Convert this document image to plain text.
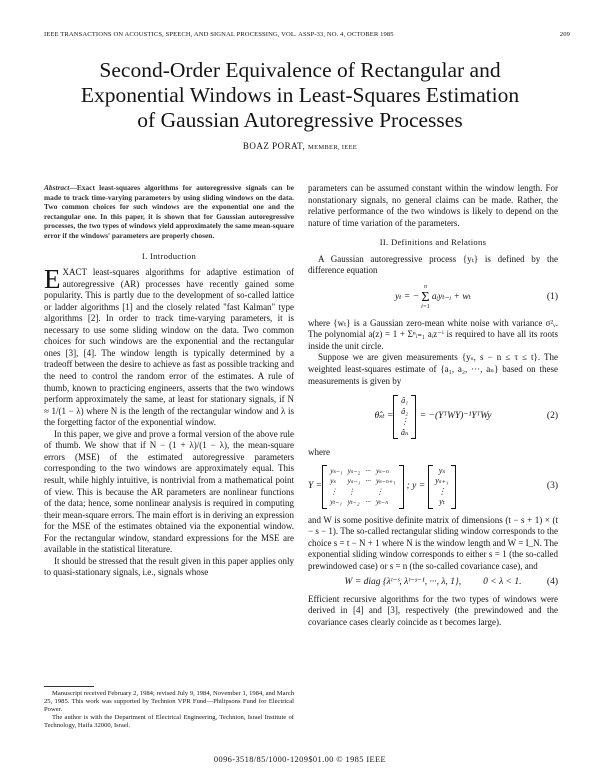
IEEE TRANSACTIONS ON ACOUSTICS, SPEECH, AND SIGNAL PROCESSING, VOL. ASSP-33, NO. 4, OCTOBER 1985	209
Second-Order Equivalence of Rectangular and
Exponential Windows in Least-Squares Estimation
of Gaussian Autoregressive Processes
BOAZ PORAT, MEMBER, IEEE

Abstract—Exact least-squares algorithms for autoregressive signals can be made to track time-varying parameters by using sliding windows on the data. Two common choices for such windows are the exponential one and the rectangular one. In this paper, it is shown that for Gaussian autoregressive processes, the two types of windows yield approximately the same mean-square error if the windows' parameters are properly chosen.

I. Introduction

EXACT least-squares algorithms for adaptive estimation of autoregressive (AR) processes have recently gained some popularity. This is partly due to the development of so-called lattice or ladder algorithms [1] and the closely related "fast Kalman" type algorithms [2]. In order to track time-varying parameters, it is necessary to use some sliding window on the data. Two common choices for such windows are the exponential and the rectangular ones [3], [4]. The window length is typically determined by a tradeoff between the desire to achieve as fast as possible tracking and the need to control the random error of the estimates. A rule of thumb, known to practicing engineers, asserts that the two windows perform approximately the same, at least for stationary signals, if N ≈ 1/(1 − λ) where N is the length of the rectangular window and λ is the forgetting factor of the exponential window.

In this paper, we give and prove a formal version of the above rule of thumb. We show that if N − (1 + λ)/(1 − λ), the mean-square errors (MSE) of the estimated autoregressive parameters corresponding to the two windows are approximately equal. This result, while highly intuitive, is nontrivial from a mathematical point of view. This is because the AR parameters are nonlinear functions of the data; hence, some nonlinear analysis is required in computing their mean-square errors. The main effort is in deriving an expression for the MSE of the estimates obtained via the exponential window. For the rectangular window, standard expressions for the MSE are available in the statistical literature.

It should be stressed that the result given in this paper applies only to quasi-stationary signals, i.e., signals whose

parameters can be assumed constant within the window length. For nonstationary signals, no general claims can be made. Rather, the relative performance of the two windows is likely to depend on the nature of time variation of the parameters.

II. Definitions and Relations

A Gaussian autoregressive process {yₜ} is defined by the difference equation

yₜ = −
n
Σ
i=1
aᵢyₜ₋ᵢ + wₜ	(1)

where {wₜ} is a Gaussian zero-mean white noise with variance σ²ᵥ. The polynomial a(z) = 1 + Σⁿᵢ₌₁ aᵢz⁻ⁱ is required to have all its roots inside the unit circle.

Suppose we are given measurements {yₛ, s − n ≤ τ ≤ t}. The weighted least-squares estimate of {a₁, a₂, ···, aₙ} based on these measurements is given by

θ̂ₛₜ =
â₁
â₂
⋮
âₙ
= −(YᵀWY)⁻¹YᵀWy	(2)

where

Y =
yₛ₋₁ yₛ₋₂ ··· yₛ₋ₙ
yₛ	yₛ₋₁ ··· yₛ₋ₙ₊₁
⋮	⋮	⋮
yₜ₋₁ yₜ₋₂ ··· yₜ₋ₙ
; y =
yₛ
yₛ₊₁
⋮
yₜ
(3)

and W is some positive definite matrix of dimensions (t − s + 1) × (t − s − 1). The so-called rectangular sliding window corresponds to the choice s = t − N + 1 where N is the window length and W = I_N. The exponential sliding window corresponds to either s = 1 (the so-called prewindowed case) or s = n (the so-called covariance case), and

W = diag {λᵗ⁻ˢ, λᵗ⁻ˢ⁻¹, ···, λ, 1}, 0 < λ < 1.	(4)

Efficient recursive algorithms for the two types of windows were derived in [4] and [3], respectively (the prewindowed and the covariance cases clearly coincide as t becomes large).

Manuscript received February 2, 1984; revised July 9, 1984, November 1, 1984, and March 25, 1985. This work was supported by Technion VPR Fund—Philipsons Fund for Electrical Power.

The author is with the Department of Electrical Engineering, Technion, Israel Institute of Technology, Haifa 32000, Israel.

0096-3518/85/1000-1209$01.00 © 1985 IEEE
